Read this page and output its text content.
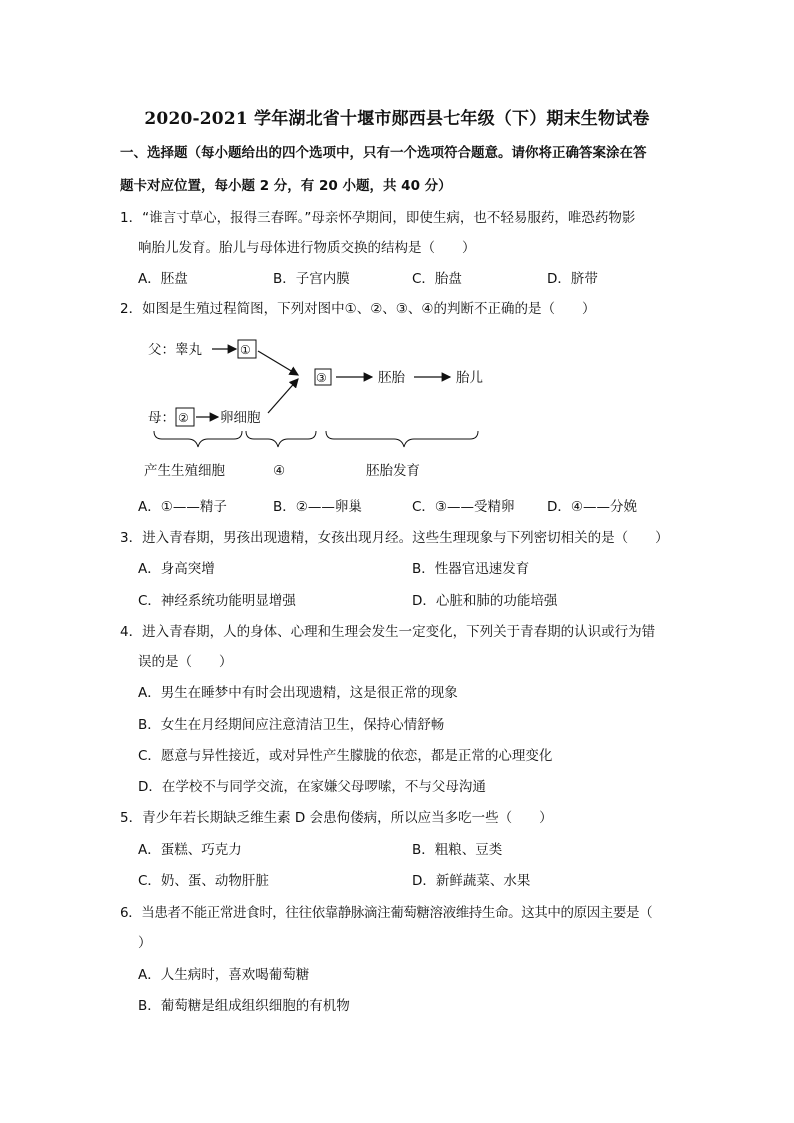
2020-2021 学年湖北省十堰市郧西县七年级（下）期末生物试卷
一、选择题（每小题给出的四个选项中，只有一个选项符合题意。请你将正确答案涂在答
题卡对应位置，每小题 2 分，有 20 小题，共 40 分）
1．“谁言寸草心，报得三春晖。”母亲怀孕期间，即使生病，也不轻易服药，唯恐药物影
响胎儿发育。胎儿与母体进行物质交换的结构是（　　）
A．胚盘	B．子宫内膜	C．胎盘	D．脐带
2．如图是生殖过程简图，下列对图中①、②、③、④的判断不正确的是（　　）
父：睾丸	①
③	胚胎	胎儿
母： ② 卵细胞
产生生殖细胞	④	胚胎发育
A．①——精子	B．②——卵巢	C．③——受精卵 D．④——分娩
3．进入青春期，男孩出现遗精，女孩出现月经。这些生理现象与下列密切相关的是（　　）
A．身高突增	B．性器官迅速发育
C．神经系统功能明显增强	D．心脏和肺的功能培强
4．进入青春期，人的身体、心理和生理会发生一定变化，下列关于青春期的认识或行为错
误的是（　　）
A．男生在睡梦中有时会出现遗精，这是很正常的现象
B．女生在月经期间应注意清洁卫生，保持心情舒畅
C．愿意与异性接近，或对异性产生朦胧的依恋，都是正常的心理变化
D．在学校不与同学交流，在家嫌父母啰嗦，不与父母沟通
5．青少年若长期缺乏维生素 D 会患佝偻病，所以应当多吃一些（　　）
A．蛋糕、巧克力	B．粗粮、豆类
C．奶、蛋、动物肝脏	D．新鲜蔬菜、水果
6．当患者不能正常进食时，往往依靠静脉滴注葡萄糖溶液维持生命。这其中的原因主要是（
）
A．人生病时，喜欢喝葡萄糖
B．葡萄糖是组成组织细胞的有机物
